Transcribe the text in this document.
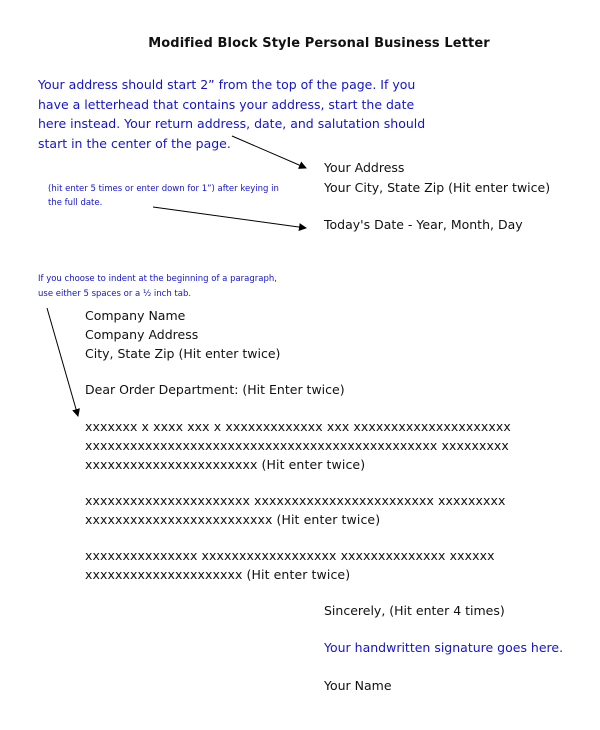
Modified Block Style Personal Business Letter
Your address should start 2” from the top of the page. If you have a letterhead that contains your address, start the date here instead. Your return address, date, and salutation should start in the center of the page.
(hit enter 5 times or enter down for 1”) after keying in the full date.
If you choose to indent at the beginning of a paragraph, use either 5 spaces or a ½ inch tab.
Your Address
Your City, State Zip (Hit enter twice)
Today's Date - Year, Month, Day
Company Name
Company Address
City, State Zip (Hit enter twice)
Dear Order Department: (Hit Enter twice)
xxxxxxx x xxxx xxx x xxxxxxxxxxxxx xxx xxxxxxxxxxxxxxxxxxxxx
xxxxxxxxxxxxxxxxxxxxxxxxxxxxxxxxxxxxxxxxxxxxxxx xxxxxxxxx
xxxxxxxxxxxxxxxxxxxxxxx (Hit enter twice)
xxxxxxxxxxxxxxxxxxxxxx xxxxxxxxxxxxxxxxxxxxxxxx xxxxxxxxx
xxxxxxxxxxxxxxxxxxxxxxxxx (Hit enter twice)
xxxxxxxxxxxxxxx xxxxxxxxxxxxxxxxxx xxxxxxxxxxxxxx xxxxxx
xxxxxxxxxxxxxxxxxxxxx (Hit enter twice)
Sincerely, (Hit enter 4 times)
Your handwritten signature goes here.
Your Name
